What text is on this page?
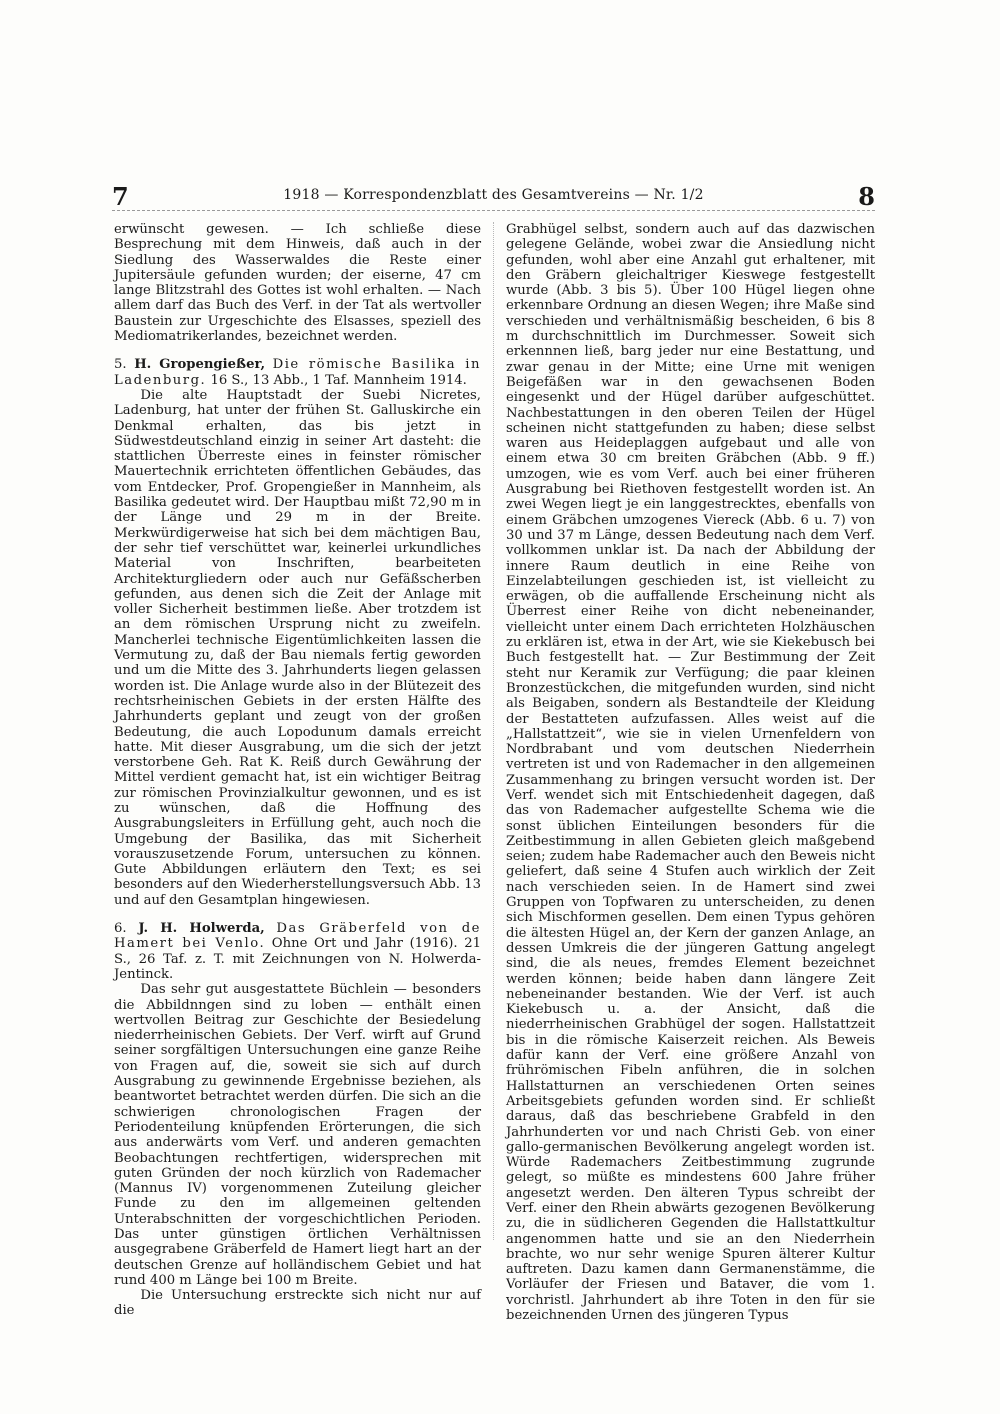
7	1918 — Korrespondenzblatt des Gesamtvereins — Nr. 1/2	8

erwünscht gewesen. — Ich schließe diese Besprechung mit dem Hinweis, daß auch in der Siedlung des Wasserwaldes die Reste einer Jupitersäule gefunden wurden; der eiserne, 47 cm lange Blitzstrahl des Gottes ist wohl erhalten. — Nach allem darf das Buch des Verf. in der Tat als wertvoller Baustein zur Urgeschichte des Elsasses, speziell des Mediomatrikerlandes, bezeichnet werden.

5. H. Gropengießer, Die römische Basilika in Ladenburg. 16 S., 13 Abb., 1 Taf. Mannheim 1914.

Die alte Hauptstadt der Suebi Nicretes, Ladenburg, hat unter der frühen St. Galluskirche ein Denkmal erhalten, das bis jetzt in Südwestdeutschland einzig in seiner Art dasteht: die stattlichen Überreste eines in feinster römischer Mauertechnik errichteten öffentlichen Gebäudes, das vom Entdecker, Prof. Gropengießer in Mannheim, als Basilika gedeutet wird. Der Hauptbau mißt 72,90 m in der Länge und 29 m in der Breite. Merkwürdigerweise hat sich bei dem mächtigen Bau, der sehr tief verschüttet war, keinerlei urkundliches Material von Inschriften, bearbeiteten Architekturgliedern oder auch nur Gefäßscherben gefunden, aus denen sich die Zeit der Anlage mit voller Sicherheit bestimmen ließe. Aber trotzdem ist an dem römischen Ursprung nicht zu zweifeln. Mancherlei technische Eigentümlichkeiten lassen die Vermutung zu, daß der Bau niemals fertig geworden und um die Mitte des 3. Jahrhunderts liegen gelassen worden ist. Die Anlage wurde also in der Blütezeit des rechtsrheinischen Gebiets in der ersten Hälfte des Jahrhunderts geplant und zeugt von der großen Bedeutung, die auch Lopodunum damals erreicht hatte. Mit dieser Ausgrabung, um die sich der jetzt verstorbene Geh. Rat K. Reiß durch Gewährung der Mittel verdient gemacht hat, ist ein wichtiger Beitrag zur römischen Provinzialkultur gewonnen, und es ist zu wünschen, daß die Hoffnung des Ausgrabungsleiters in Erfüllung geht, auch noch die Umgebung der Basilika, das mit Sicherheit vorauszusetzende Forum, untersuchen zu können. Gute Abbildungen erläutern den Text; es sei besonders auf den Wiederherstellungsversuch Abb. 13 und auf den Gesamtplan hingewiesen.

6. J. H. Holwerda, Das Gräberfeld von de Hamert bei Venlo. Ohne Ort und Jahr (1916). 21 S., 26 Taf. z. T. mit Zeichnungen von N. Holwerda-Jentinck.

Das sehr gut ausgestattete Büchlein — besonders die Abbildnngen sind zu loben — enthält einen wertvollen Beitrag zur Geschichte der Besiedelung niederrheinischen Gebiets. Der Verf. wirft auf Grund seiner sorgfältigen Untersuchungen eine ganze Reihe von Fragen auf, die, soweit sie sich auf durch Ausgrabung zu gewinnende Ergebnisse beziehen, als beantwortet betrachtet werden dürfen. Die sich an die schwierigen chronologischen Fragen der Periodenteilung knüpfenden Erörterungen, die sich aus anderwärts vom Verf. und anderen gemachten Beobachtungen rechtfertigen, widersprechen mit guten Gründen der noch kürzlich von Rademacher (Mannus IV) vorgenommenen Zuteilung gleicher Funde zu den im allgemeinen geltenden Unterabschnitten der vorgeschichtlichen Perioden. Das unter günstigen örtlichen Verhältnissen ausgegrabene Gräberfeld de Hamert liegt hart an der deutschen Grenze auf holländischem Gebiet und hat rund 400 m Länge bei 100 m Breite.

Die Untersuchung erstreckte sich nicht nur auf die

Grabhügel selbst, sondern auch auf das dazwischen gelegene Gelände, wobei zwar die Ansiedlung nicht gefunden, wohl aber eine Anzahl gut erhaltener, mit den Gräbern gleichaltriger Kieswege festgestellt wurde (Abb. 3 bis 5). Über 100 Hügel liegen ohne erkennbare Ordnung an diesen Wegen; ihre Maße sind verschieden und verhältnismäßig bescheiden, 6 bis 8 m durchschnittlich im Durchmesser. Soweit sich erkennnen ließ, barg jeder nur eine Bestattung, und zwar genau in der Mitte; eine Urne mit wenigen Beigefäßen war in den gewachsenen Boden eingesenkt und der Hügel darüber aufgeschüttet. Nachbestattungen in den oberen Teilen der Hügel scheinen nicht stattgefunden zu haben; diese selbst waren aus Heideplaggen aufgebaut und alle von einem etwa 30 cm breiten Gräbchen (Abb. 9 ff.) umzogen, wie es vom Verf. auch bei einer früheren Ausgrabung bei Riethoven festgestellt worden ist. An zwei Wegen liegt je ein langgestrecktes, ebenfalls von einem Gräbchen umzogenes Viereck (Abb. 6 u. 7) von 30 und 37 m Länge, dessen Bedeutung nach dem Verf. vollkommen unklar ist. Da nach der Abbildung der innere Raum deutlich in eine Reihe von Einzelabteilungen geschieden ist, ist vielleicht zu erwägen, ob die auffallende Erscheinung nicht als Überrest einer Reihe von dicht nebeneinander, vielleicht unter einem Dach errichteten Holzhäuschen zu erklären ist, etwa in der Art, wie sie Kiekebusch bei Buch festgestellt hat. — Zur Bestimmung der Zeit steht nur Keramik zur Verfügung; die paar kleinen Bronzestückchen, die mitgefunden wurden, sind nicht als Beigaben, sondern als Bestandteile der Kleidung der Bestatteten aufzufassen. Alles weist auf die „Hallstattzeit“, wie sie in vielen Urnenfeldern von Nordbrabant und vom deutschen Niederrhein vertreten ist und von Rademacher in den allgemeinen Zusammenhang zu bringen versucht worden ist. Der Verf. wendet sich mit Entschiedenheit dagegen, daß das von Rademacher aufgestellte Schema wie die sonst üblichen Einteilungen besonders für die Zeitbestimmung in allen Gebieten gleich maßgebend seien; zudem habe Rademacher auch den Beweis nicht geliefert, daß seine 4 Stufen auch wirklich der Zeit nach verschieden seien. In de Hamert sind zwei Gruppen von Topfwaren zu unterscheiden, zu denen sich Mischformen gesellen. Dem einen Typus gehören die ältesten Hügel an, der Kern der ganzen Anlage, an dessen Umkreis die der jüngeren Gattung angelegt sind, die als neues, fremdes Element bezeichnet werden können; beide haben dann längere Zeit nebeneinander bestanden. Wie der Verf. ist auch Kiekebusch u. a. der Ansicht, daß die niederrheinischen Grabhügel der sogen. Hallstattzeit bis in die römische Kaiserzeit reichen. Als Beweis dafür kann der Verf. eine größere Anzahl von frührömischen Fibeln anführen, die in solchen Hallstatturnen an verschiedenen Orten seines Arbeitsgebiets gefunden worden sind. Er schließt daraus, daß das beschriebene Grabfeld in den Jahrhunderten vor und nach Christi Geb. von einer gallo-germanischen Bevölkerung angelegt worden ist. Würde Rademachers Zeitbestimmung zugrunde gelegt, so müßte es mindestens 600 Jahre früher angesetzt werden. Den älteren Typus schreibt der Verf. einer den Rhein abwärts gezogenen Bevölkerung zu, die in südlicheren Gegenden die Hallstattkultur angenommen hatte und sie an den Niederrhein brachte, wo nur sehr wenige Spuren älterer Kultur auftreten. Dazu kamen dann Germanenstämme, die Vorläufer der Friesen und Bataver, die vom 1. vorchristl. Jahrhundert ab ihre Toten in den für sie bezeichnenden Urnen des jüngeren Typus
